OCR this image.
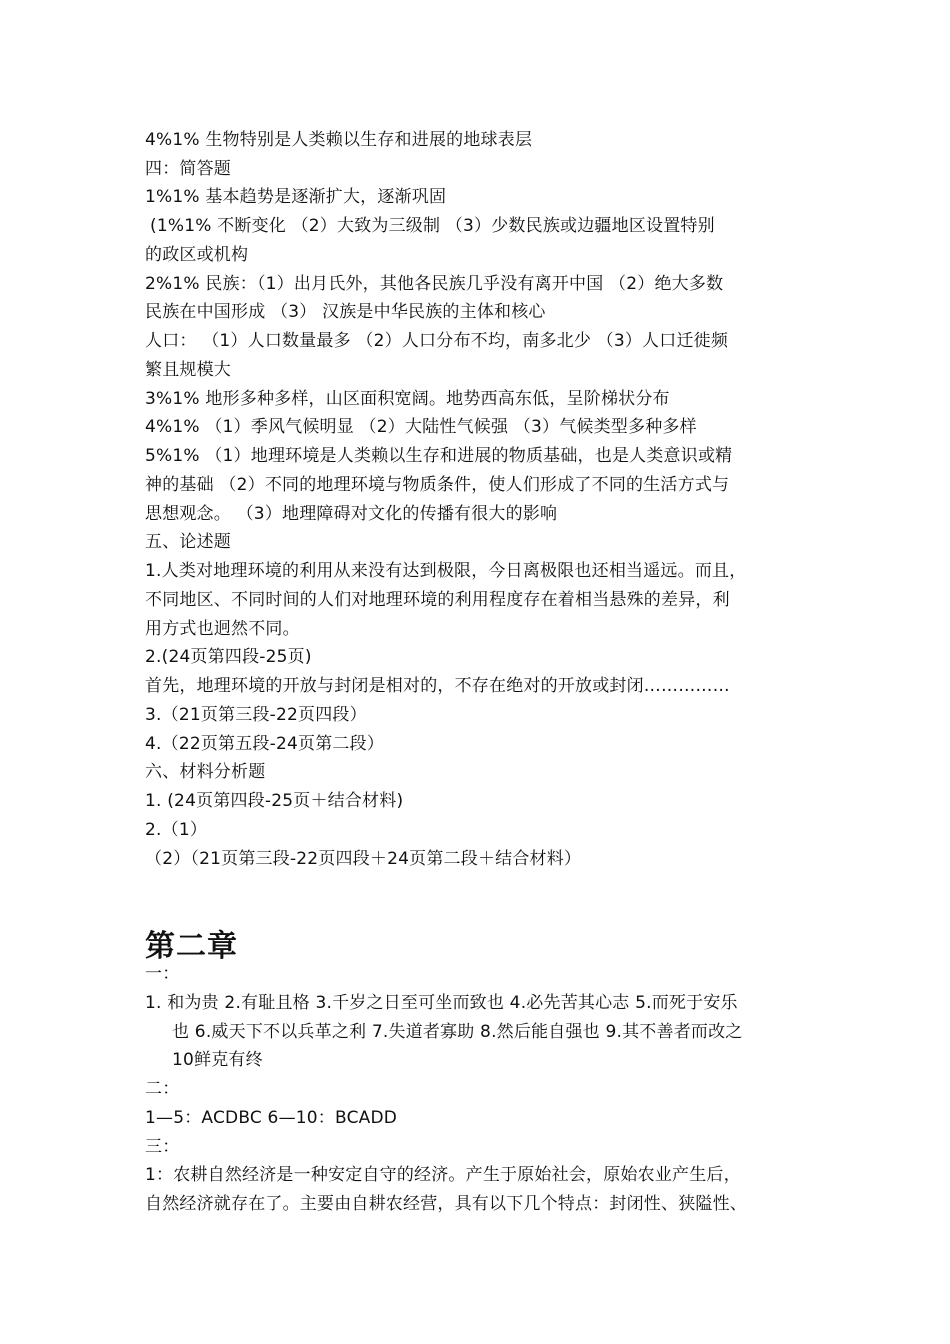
4%1% 生物特别是人类赖以生存和进展的地球表层

四：简答题

1%1% 基本趋势是逐渐扩大，逐渐巩固

(1%1% 不断变化 （2）大致为三级制 （3）少数民族或边疆地区设置特别

的政区或机构

2%1% 民族：（1）出月氏外，其他各民族几乎没有离开中国 （2）绝大多数

民族在中国形成 （3） 汉族是中华民族的主体和核心

人口： （1）人口数量最多 （2）人口分布不均，南多北少 （3）人口迁徙频

繁且规模大

3%1% 地形多种多样，山区面积宽阔。地势西高东低，呈阶梯状分布

4%1% （1）季风气候明显 （2）大陆性气候强 （3）气候类型多种多样

5%1% （1）地理环境是人类赖以生存和进展的物质基础，也是人类意识或精

神的基础 （2）不同的地理环境与物质条件，使人们形成了不同的生活方式与

思想观念。 （3）地理障碍对文化的传播有很大的影响

五、论述题

1.人类对地理环境的利用从来没有达到极限，今日离极限也还相当遥远。而且，

不同地区、不同时间的人们对地理环境的利用程度存在着相当悬殊的差异，利

用方式也迥然不同。

2.(24页第四段-25页)

首先，地理环境的开放与封闭是相对的，不存在绝对的开放或封闭……………

3.（21页第三段-22页四段）

4.（22页第五段-24页第二段）

六、材料分析题

1. (24页第四段-25页＋结合材料)

2.（1）

（2）（21页第三段-22页四段＋24页第二段＋结合材料）

第二章

一：

1. 和为贵 2.有耻且格 3.千岁之日至可坐而致也 4.必先苦其心志 5.而死于安乐

也 6.威天下不以兵革之利 7.失道者寡助 8.然后能自强也 9.其不善者而改之

10鲜克有终

二：

1—5：ACDBC 6—10：BCADD

三：

1：农耕自然经济是一种安定自守的经济。产生于原始社会，原始农业产生后，

自然经济就存在了。主要由自耕农经营，具有以下几个特点：封闭性、狭隘性、
